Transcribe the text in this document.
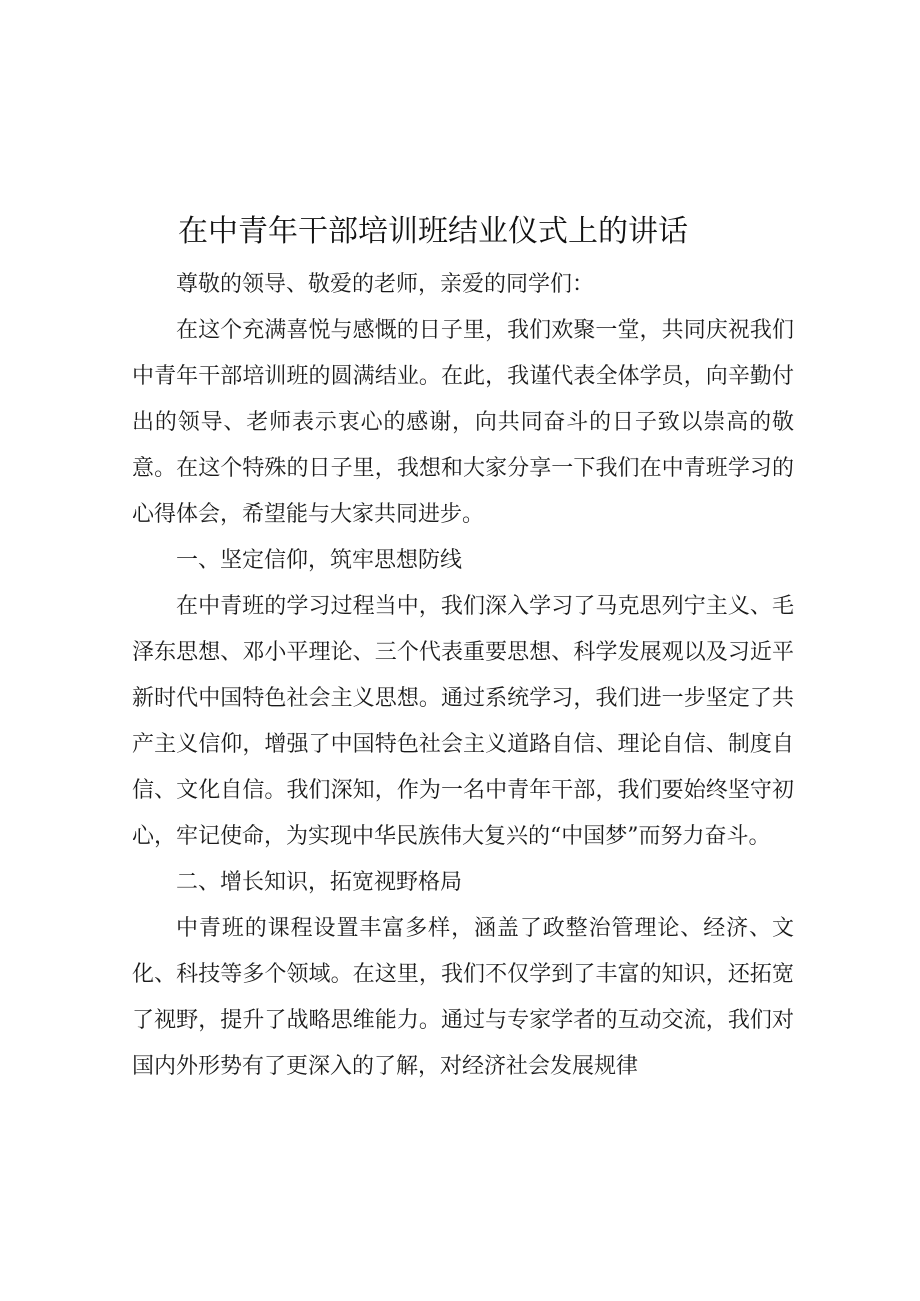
在中青年干部培训班结业仪式上的讲话

尊敬的领导、敬爱的老师，亲爱的同学们：

在这个充满喜悦与感慨的日子里，我们欢聚一堂，共同庆祝我们中青年干部培训班的圆满结业。在此，我谨代表全体学员，向辛勤付出的领导、老师表示衷心的感谢，向共同奋斗的日子致以崇高的敬意。在这个特殊的日子里，我想和大家分享一下我们在中青班学习的心得体会，希望能与大家共同进步。

一、坚定信仰，筑牢思想防线

在中青班的学习过程当中，我们深入学习了马克思列宁主义、毛泽东思想、邓小平理论、三个代表重要思想、科学发展观以及习近平新时代中国特色社会主义思想。通过系统学习，我们进一步坚定了共产主义信仰，增强了中国特色社会主义道路自信、理论自信、制度自信、文化自信。我们深知，作为一名中青年干部，我们要始终坚守初心，牢记使命，为实现中华民族伟大复兴的“中国梦”而努力奋斗。

二、增长知识，拓宽视野格局

中青班的课程设置丰富多样，涵盖了政整治管理论、经济、文化、科技等多个领域。在这里，我们不仅学到了丰富的知识，还拓宽了视野，提升了战略思维能力。通过与专家学者的互动交流，我们对国内外形势有了更深入的了解，对经济社会发展规律
